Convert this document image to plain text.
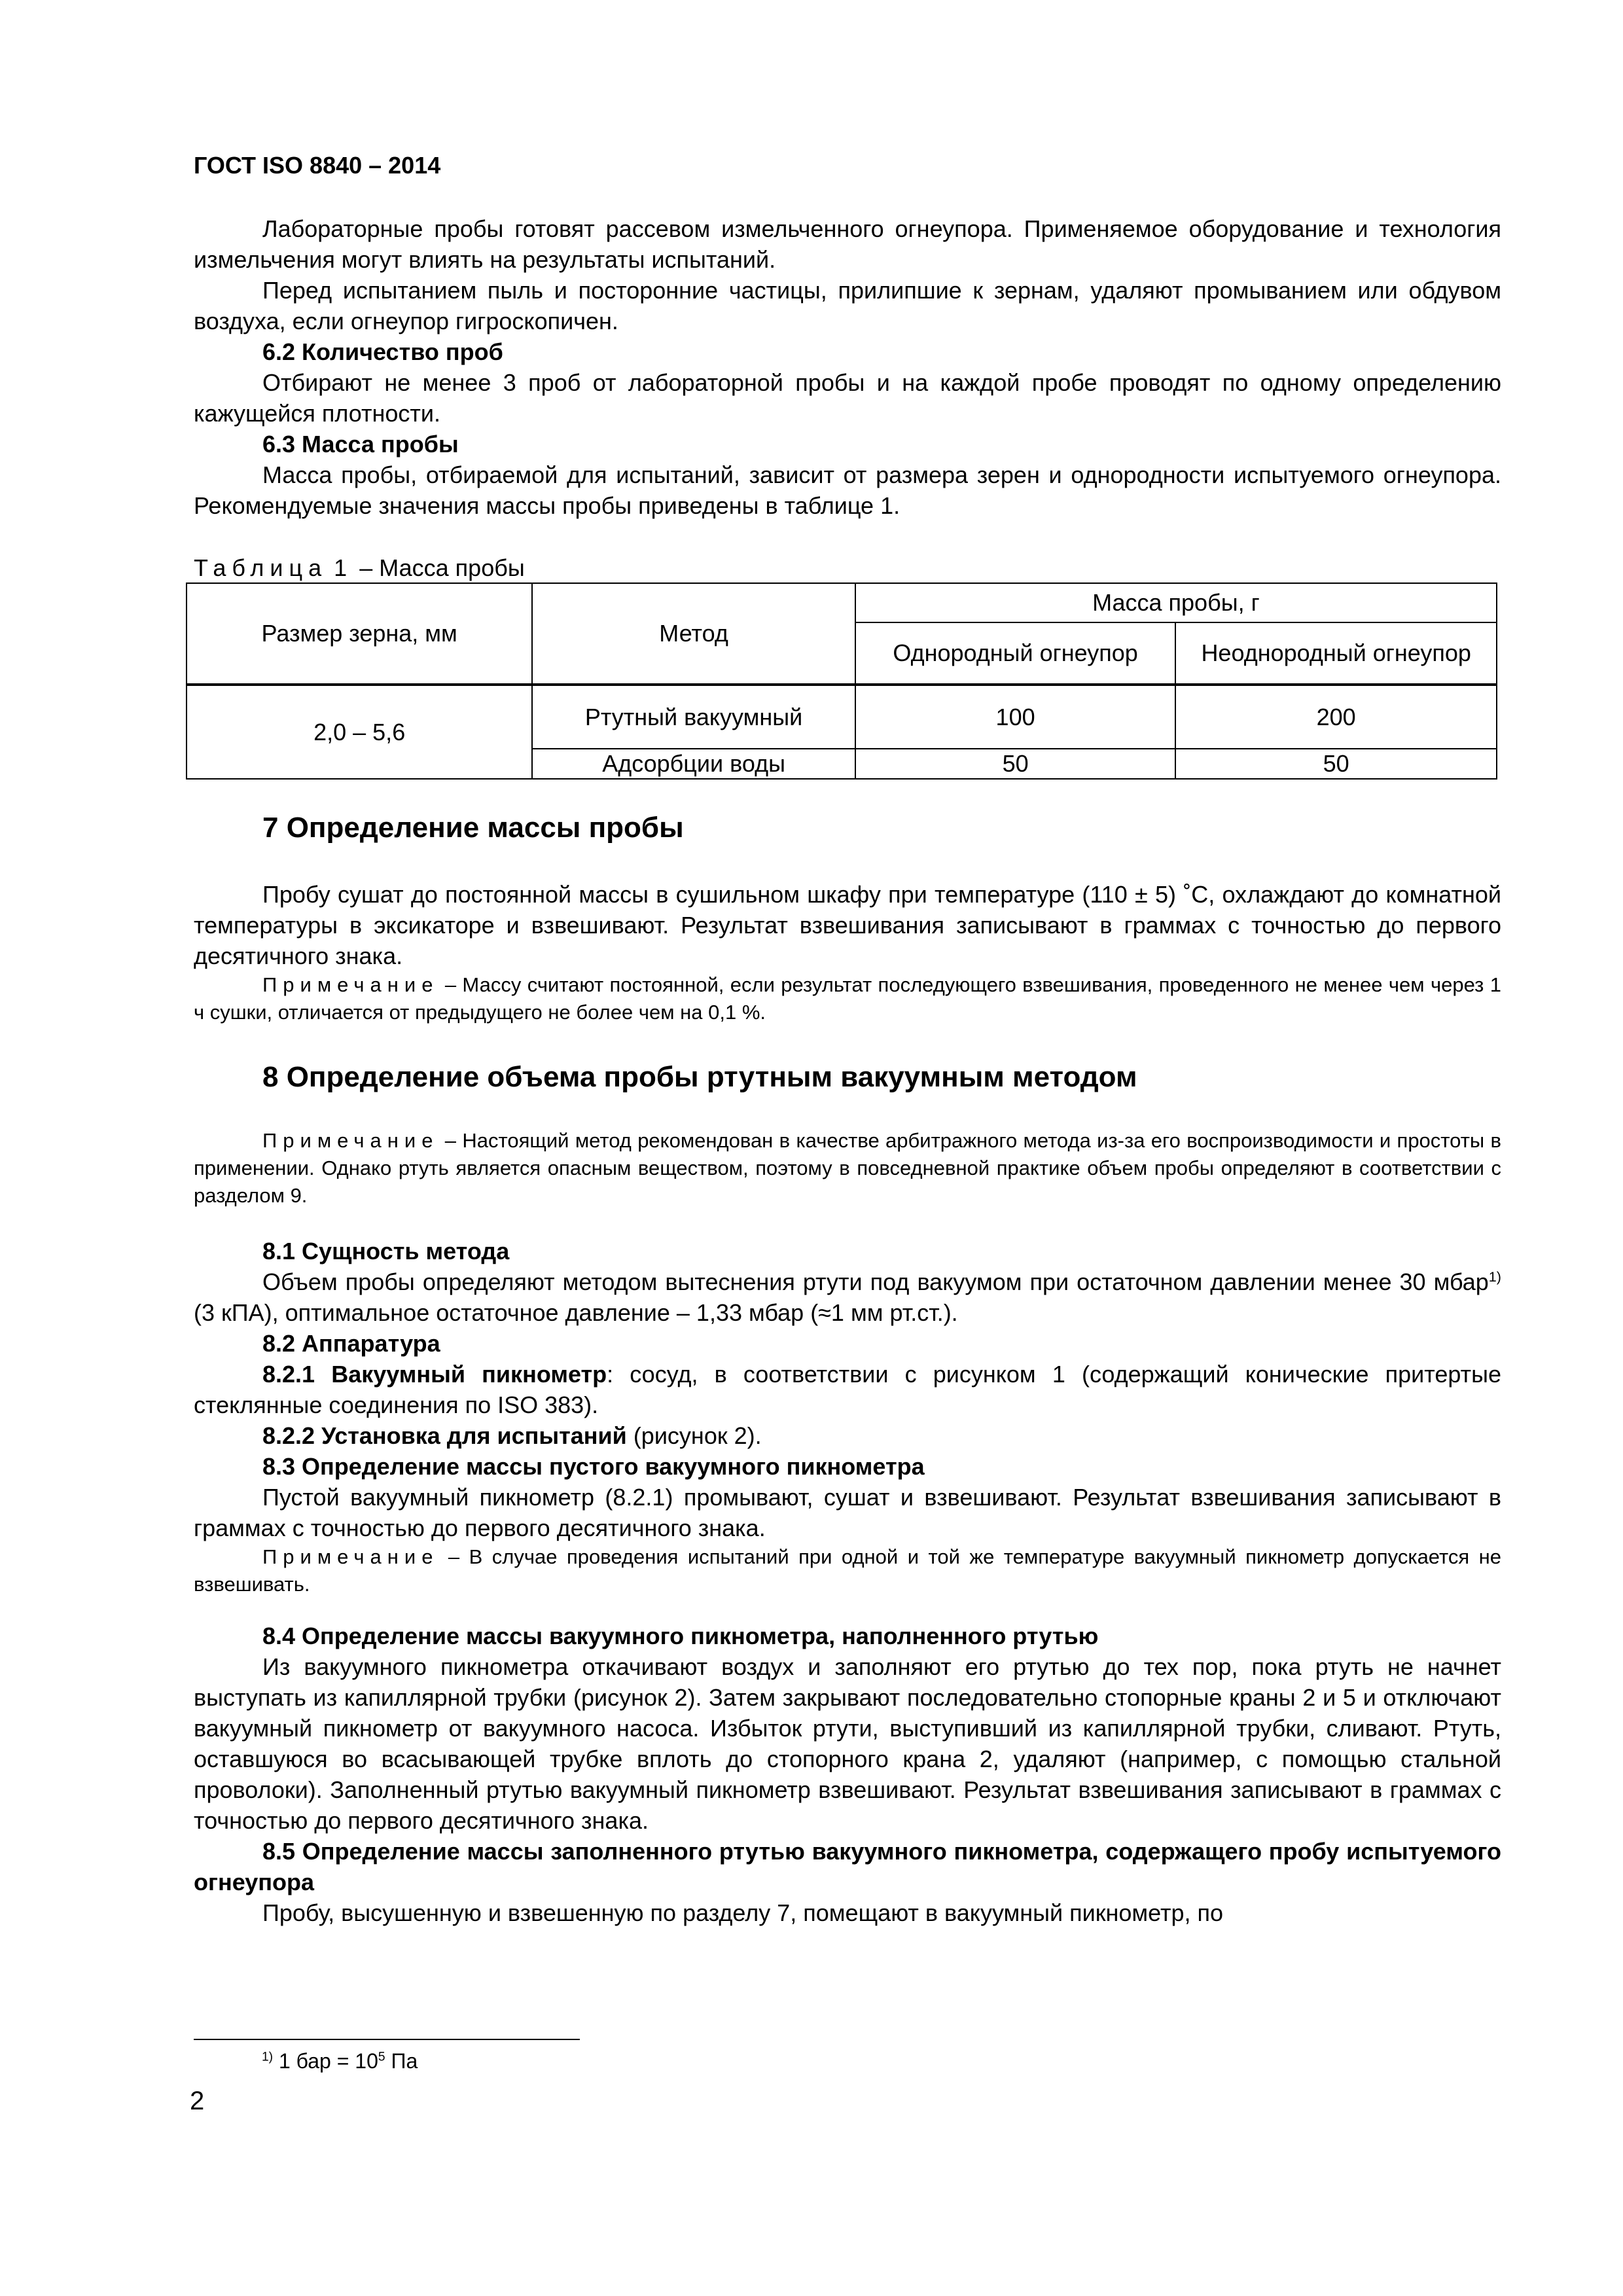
ГОСТ ISO 8840 – 2014

Лабораторные пробы готовят рассевом измельченного огнеупора. Применяемое оборудование и технология измельчения могут влиять на результаты испытаний.

Перед испытанием пыль и посторонние частицы, прилипшие к зернам, удаляют промыванием или обдувом воздуха, если огнеупор гигроскопичен.

6.2 Количество проб

Отбирают не менее 3 проб от лабораторной пробы и на каждой пробе проводят по одному определению кажущейся плотности.

6.3 Масса пробы

Масса пробы, отбираемой для испытаний, зависит от размера зерен и однородности испытуемого огнеупора. Рекомендуемые значения массы пробы приведены в таблице 1.

Таблица 1 – Масса пробы
Размер зерна, мм	Метод	Масса пробы, г	
		Однородный огнеупор	Неоднородный огнеупор
2,0 – 5,6	Ртутный вакуумный	100	200
	Адсорбции воды	50	50
7 Определение массы пробы

Пробу сушат до постоянной массы в сушильном шкафу при температуре (110 ± 5) ˚C, охлаждают до комнатной температуры в эксикаторе и взвешивают. Результат взвешивания записывают в граммах с точностью до первого десятичного знака.

Примечание – Массу считают постоянной, если результат последующего взвешивания, проведенного не менее чем через 1 ч сушки, отличается от предыдущего не более чем на 0,1 %.

8 Определение объема пробы ртутным вакуумным методом

Примечание – Настоящий метод рекомендован в качестве арбитражного метода из-за его воспроизводимости и простоты в применении. Однако ртуть является опасным веществом, поэтому в повседневной практике объем пробы определяют в соответствии с разделом 9.

8.1 Сущность метода

Объем пробы определяют методом вытеснения ртути под вакуумом при остаточном давлении менее 30 мбар$^{1)}$ (3 кПА), оптимальное остаточное давление – 1,33 мбар (≈1 мм рт.ст.).

8.2 Аппаратура

8.2.1 Вакуумный пикнометр: сосуд, в соответствии с рисунком 1 (содержащий конические притертые стеклянные соединения по ISO 383).

8.2.2 Установка для испытаний (рисунок 2).
8.3 Определение массы пустого вакуумного пикнометра

Пустой вакуумный пикнометр (8.2.1) промывают, сушат и взвешивают. Результат взвешивания записывают в граммах с точностью до первого десятичного знака.

Примечание – В случае проведения испытаний при одной и той же температуре вакуумный пикнометр допускается не взвешивать.

8.4 Определение массы вакуумного пикнометра, наполненного ртутью

Из вакуумного пикнометра откачивают воздух и заполняют его ртутью до тех пор, пока ртуть не начнет выступать из капиллярной трубки (рисунок 2). Затем закрывают последовательно стопорные краны 2 и 5 и отключают вакуумный пикнометр от вакуумного насоса. Избыток ртути, выступивший из капиллярной трубки, сливают. Ртуть, оставшуюся во всасывающей трубке вплоть до стопорного крана 2, удаляют (например, с помощью стальной проволоки). Заполненный ртутью вакуумный пикнометр взвешивают. Результат взвешивания записывают в граммах с точностью до первого десятичного знака.

8.5 Определение массы заполненного ртутью вакуумного пикнометра, содержащего пробу испытуемого огнеупора

Пробу, высушенную и взвешенную по разделу 7, помещают в вакуумный пикнометр, по

$^{1)}$ 1 бар = $10^5$ Па
2
